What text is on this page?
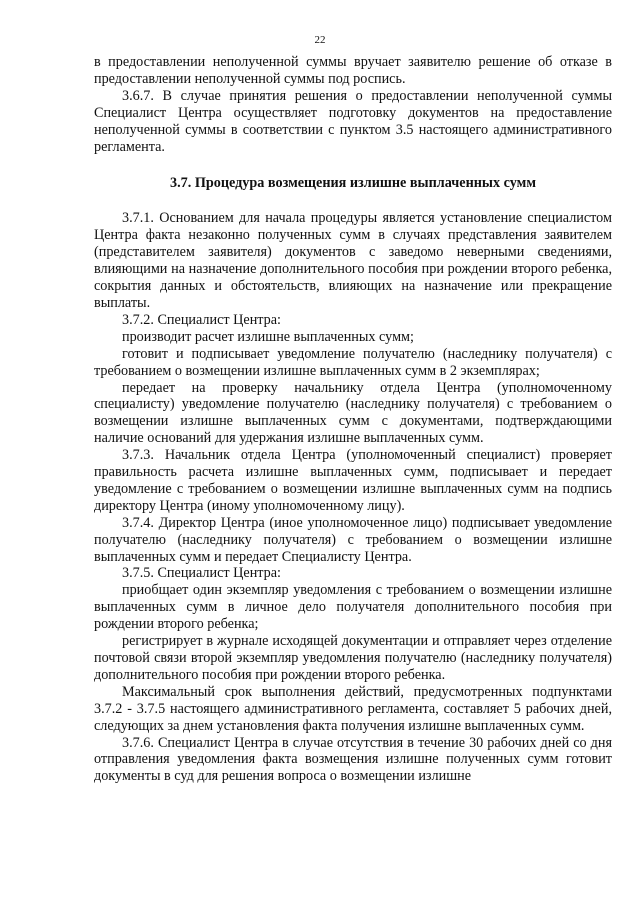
22

в предоставлении неполученной суммы вручает заявителю решение об отказе в предоставлении неполученной суммы под роспись.

3.6.7. В случае принятия решения о предоставлении неполученной суммы Специалист Центра осуществляет подготовку документов на предоставление неполученной суммы в соответствии с пунктом 3.5 настоящего административного регламента.

3.7. Процедура возмещения излишне выплаченных сумм

3.7.1. Основанием для начала процедуры является установление специалистом Центра факта незаконно полученных сумм в случаях представления заявителем (представителем заявителя) документов с заведомо неверными сведениями, влияющими на назначение дополнительного пособия при рождении второго ребенка, сокрытия данных и обстоятельств, влияющих на назначение или прекращение выплаты.

3.7.2. Специалист Центра:

производит расчет излишне выплаченных сумм;

готовит и подписывает уведомление получателю (наследнику получателя) с требованием о возмещении излишне выплаченных сумм в 2 экземплярах;

передает на проверку начальнику отдела Центра (уполномоченному специалисту) уведомление получателю (наследнику получателя) с требованием о возмещении излишне выплаченных сумм с документами, подтверждающими наличие оснований для удержания излишне выплаченных сумм.

3.7.3. Начальник отдела Центра (уполномоченный специалист) проверяет правильность расчета излишне выплаченных сумм, подписывает и передает уведомление с требованием о возмещении излишне выплаченных сумм на подпись директору Центра (иному уполномоченному лицу).

3.7.4. Директор Центра (иное уполномоченное лицо) подписывает уведомление получателю (наследнику получателя) с требованием о возмещении излишне выплаченных сумм и передает Специалисту Центра.

3.7.5. Специалист Центра:

приобщает один экземпляр уведомления с требованием о возмещении излишне выплаченных сумм в личное дело получателя дополнительного пособия при рождении второго ребенка;

регистрирует в журнале исходящей документации и отправляет через отделение почтовой связи второй экземпляр уведомления получателю (наследнику получателя) дополнительного пособия при рождении второго ребенка.

Максимальный срок выполнения действий, предусмотренных подпунктами 3.7.2 - 3.7.5 настоящего административного регламента, составляет 5 рабочих дней, следующих за днем установления факта получения излишне выплаченных сумм.

3.7.6. Специалист Центра в случае отсутствия в течение 30 рабочих дней со дня отправления уведомления факта возмещения излишне полученных сумм готовит документы в суд для решения вопроса о возмещении излишне
